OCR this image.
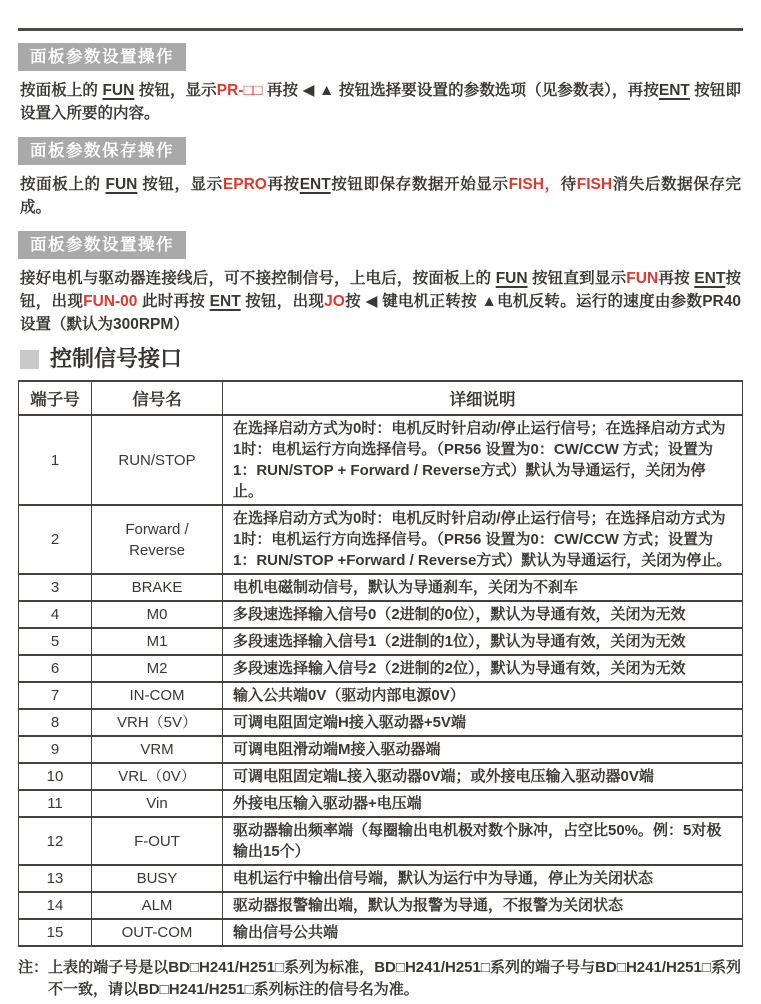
面板参数设置操作

按面板上的 FUN 按钮，显示PR-□□ 再按 ◀ ▲ 按钮选择要设置的参数选项（见参数表），再按ENT 按钮即设置入所要的内容。

面板参数保存操作

按面板上的 FUN 按钮，显示EPRO再按ENT按钮即保存数据开始显示FISH，待FISH消失后数据保存完成。

面板参数设置操作

接好电机与驱动器连接线后，可不接控制信号，上电后，按面板上的 FUN 按钮直到显示FUN再按 ENT按钮，出现FUN-00 此时再按 ENT 按钮，出现JO按 ◀ 键电机正转按 ▲电机反转。运行的速度由参数PR40设置（默认为300RPM）

控制信号接口
端子号	信号名	详细说明
1	RUN/STOP	在选择启动方式为0时：电机反时针启动/停止运行信号；在选择启动方式为1时：电机运行方向选择信号。（PR56 设置为0：CW/CCW 方式；设置为1：RUN/STOP + Forward / Reverse方式）默认为导通运行，关闭为停止。
2	Forward / Reverse	在选择启动方式为0时：电机反时针启动/停止运行信号；在选择启动方式为1时：电机运行方向选择信号。（PR56 设置为0：CW/CCW 方式；设置为1：RUN/STOP +Forward / Reverse方式）默认为导通运行，关闭为停止。
3	BRAKE	电机电磁制动信号，默认为导通刹车，关闭为不刹车
4	M0	多段速选择输入信号0（2进制的0位），默认为导通有效，关闭为无效
5	M1	多段速选择输入信号1（2进制的1位），默认为导通有效，关闭为无效
6	M2	多段速选择输入信号2（2进制的2位），默认为导通有效，关闭为无效
7	IN-COM	输入公共端0V（驱动内部电源0V）
8	VRH（5V）	可调电阻固定端H接入驱动器+5V端
9	VRM	可调电阻滑动端M接入驱动器端
10	VRL（0V）	可调电阻固定端L接入驱动器0V端；或外接电压输入驱动器0V端
11	Vin	外接电压输入驱动器+电压端
12	F-OUT	驱动器输出频率端（每圈输出电机极对数个脉冲，占空比50%。例：5对极输出15个）
13	BUSY	电机运行中输出信号端，默认为运行中为导通，停止为关闭状态
14	ALM	驱动器报警输出端，默认为报警为导通，不报警为关闭状态
15	OUT-COM	输出信号公共端
注： 上表的端子号是以BD□H241/H251□系列为标准，BD□H241/H251□系列的端子号与BD□H241/H251□系列不一致，请以BD□H241/H251□系列标注的信号名为准。
